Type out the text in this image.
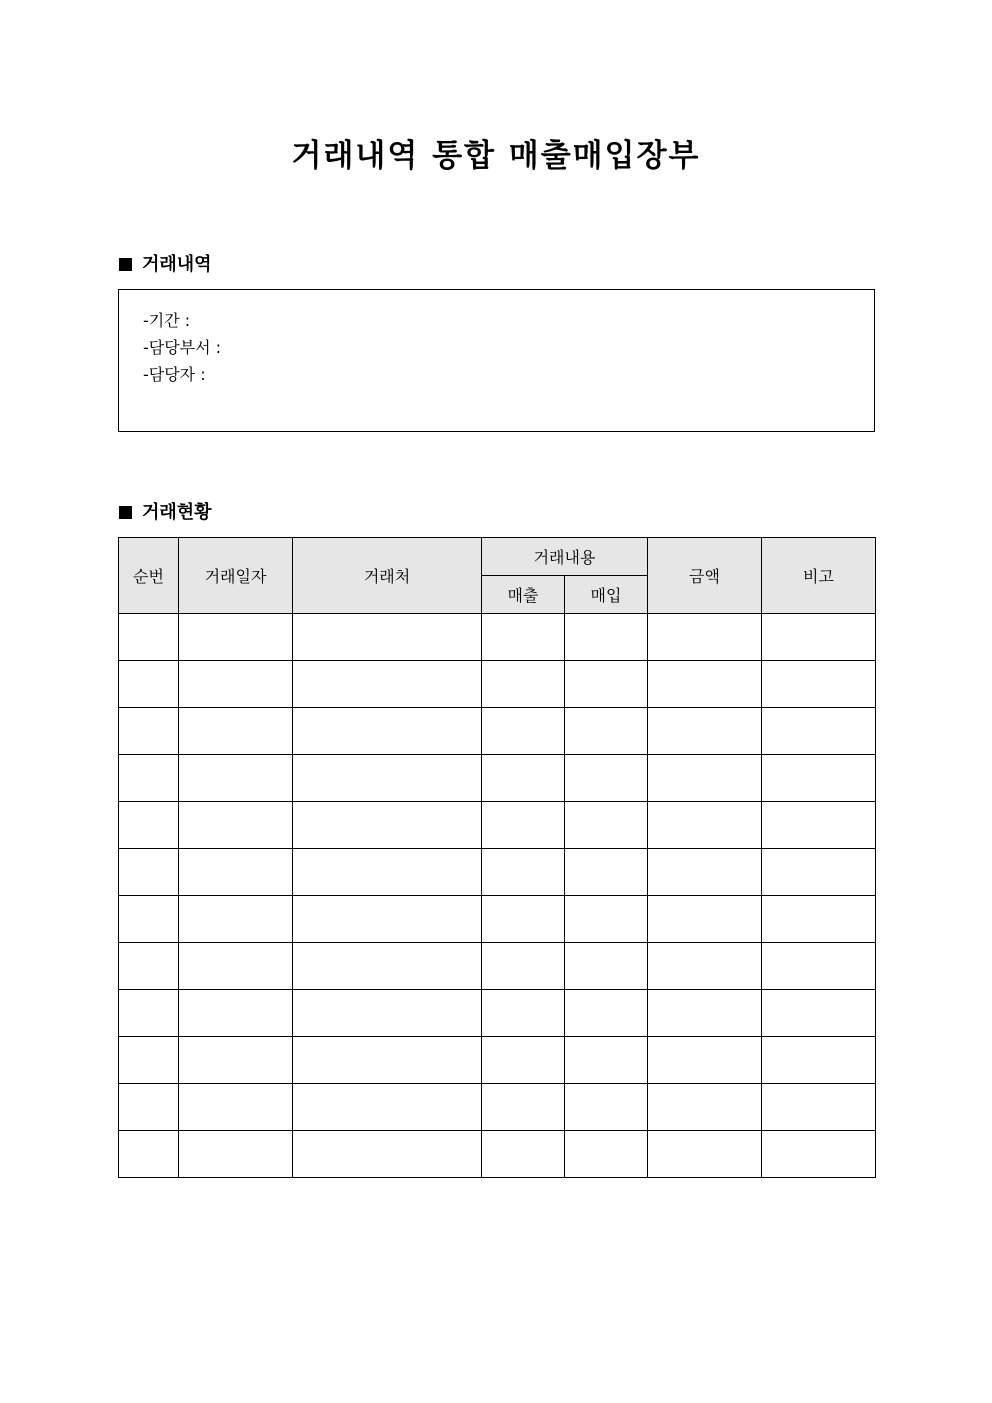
거래내역 통합 매출매입장부
거래내역
-기간 :
-담당부서 :
-담당자 :
거래현황
순번	거래일자	거래처	거래내용		금액	비고
			매출	매입		
